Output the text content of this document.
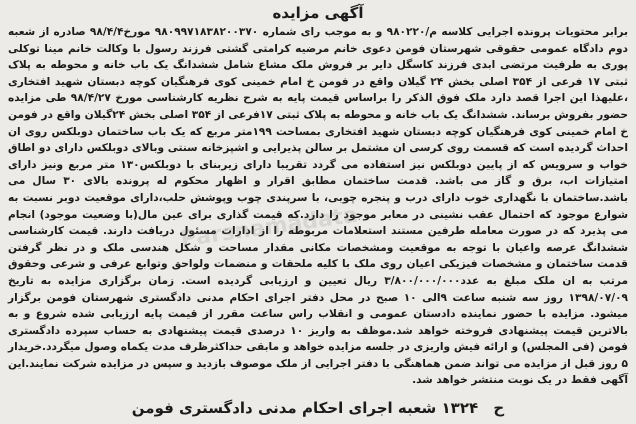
آگهی مزایده

برابر محتویات پرونده اجرایی کلاسه م/۹۸۰۲۲۰ و به موجب رای شماره ۹۸۰۹۹۷۱۸۳۸۲۰۰۳۷۰ مورخ۹۸/۴/۴ صادره از شعبه دوم دادگاه عمومی حقوقی شهرستان فومن دعوی خانم مرضیه کرامتی گشتی فرزند رسول با وکالت خانم مینا توکلی پوری به طرفیت مرتضی ابدی فرزند کاسگل دایر بر فروش ملک مشاع شامل ششدانگ یک باب خانه و محوطه به پلاک ثبتی ۱۷ فرعی از ۳۵۴ اصلی بخش ۲۴ گیلان واقع در فومن خ امام خمینی کوی فرهنگیان کوچه دبستان شهید افتخاری ،علیهذا این اجرا قصد دارد ملک فوق الذکر را براساس قیمت پایه به شرح نظریه کارشناسی مورخ ۹۸/۴/۲۷ طی مزایده حضور بفروش برساند. ششدانگ یک باب خانه و محوطه به پلاک ثبتی ۱۷فرعی از ۳۵۴ اصلی بخش ۲۴گیلان واقع در فومن خ امام خمینی کوی فرهنگیان کوچه دبستان شهید افتخاری بمساحت ۱۹۹متر مربع که یک باب ساختمان دوبلکس روی ان احداث گردیده است که قسمت روی کرسی ان مشتمل بر سالن پذیرایی و اشپزخانه سنتی وبالای دوبلکس دارای دو اطاق خواب و سرویس که از پایین دوبلکس نیز استفاده می گردد تقریبا دارای زیربنای با دوبلکس۱۳۰ متر مربع ونیز دارای امتیازات اب، برق و گاز می باشد. قدمت ساختمان مطابق اقرار و اظهار محکوم له پرونده بالای ۳۰ سال می باشد.ساختمان با نگهداری خوب دارای درب و پنجره چوبی، با سرپندی چوب وپوشش حلب،دارای موقعیت دوبر نسبت به شوارع موجود که احتمال عقب نشینی در معابر موجود را دارد.که قیمت گذاری برای عین مال(با وضعیت موجود) انجام می پذیرد که در صورت معامله طرفین مستند استعلامات مربوطه را از ادارات مسئول دریافت دارند. قیمت کارشناسی ششدانگ عرصه واعیان با توجه به موقعیت ومشخصات مکانی مقدار مساحت و شکل هندسی ملک و در نظر گرفتن قدمت ساختمان و مشخصات فیزیکی اعیان روی ملک با کلیه ملحقات و منضمات ولواحق وتوابع عرفی و شرعی وحقوق مرتب به ان ملک مبلغ به عدد۳/۸۰۰/۰۰۰/۰۰۰ ریال تعیین و ارزیابی گردیده است. زمان برگزاری مزایده به تاریخ ۱۳۹۸/۰۷/۰۹ روز سه شنبه ساعت ۹الی ۱۰ صبح در محل دفتر اجرای احکام مدنی دادگستری شهرستان فومن برگزار میشود. مزایده با حضور نماینده دادستان عمومی و انقلاب راس ساعت مقرر از قیمت پایه ارزیابی شده شروع و به بالاترین قیمت پیشنهادی فروخته خواهد شد.موظف به واریز ۱۰ درصدی قیمت پیشنهادی به حساب سپرده دادگستری فومن (فی المجلس) و ارائه فیش واریزی در جلسه مزایده خواهد و مابقی حداکثرظرف مدت یکماه وصول میگردد.خریدار ۵ روز قبل از مزایده می تواند ضمن هماهنگی با دفتر اجرایی از ملک موصوف بازدید و سپس در مزایده شرکت نمایند.این آگهی فقط در یک نوبت منتشر خواهد شد.

ح ۱۳۲۴ شعبه اجرای احکام مدنی دادگستری فومن
Parsnamadata
